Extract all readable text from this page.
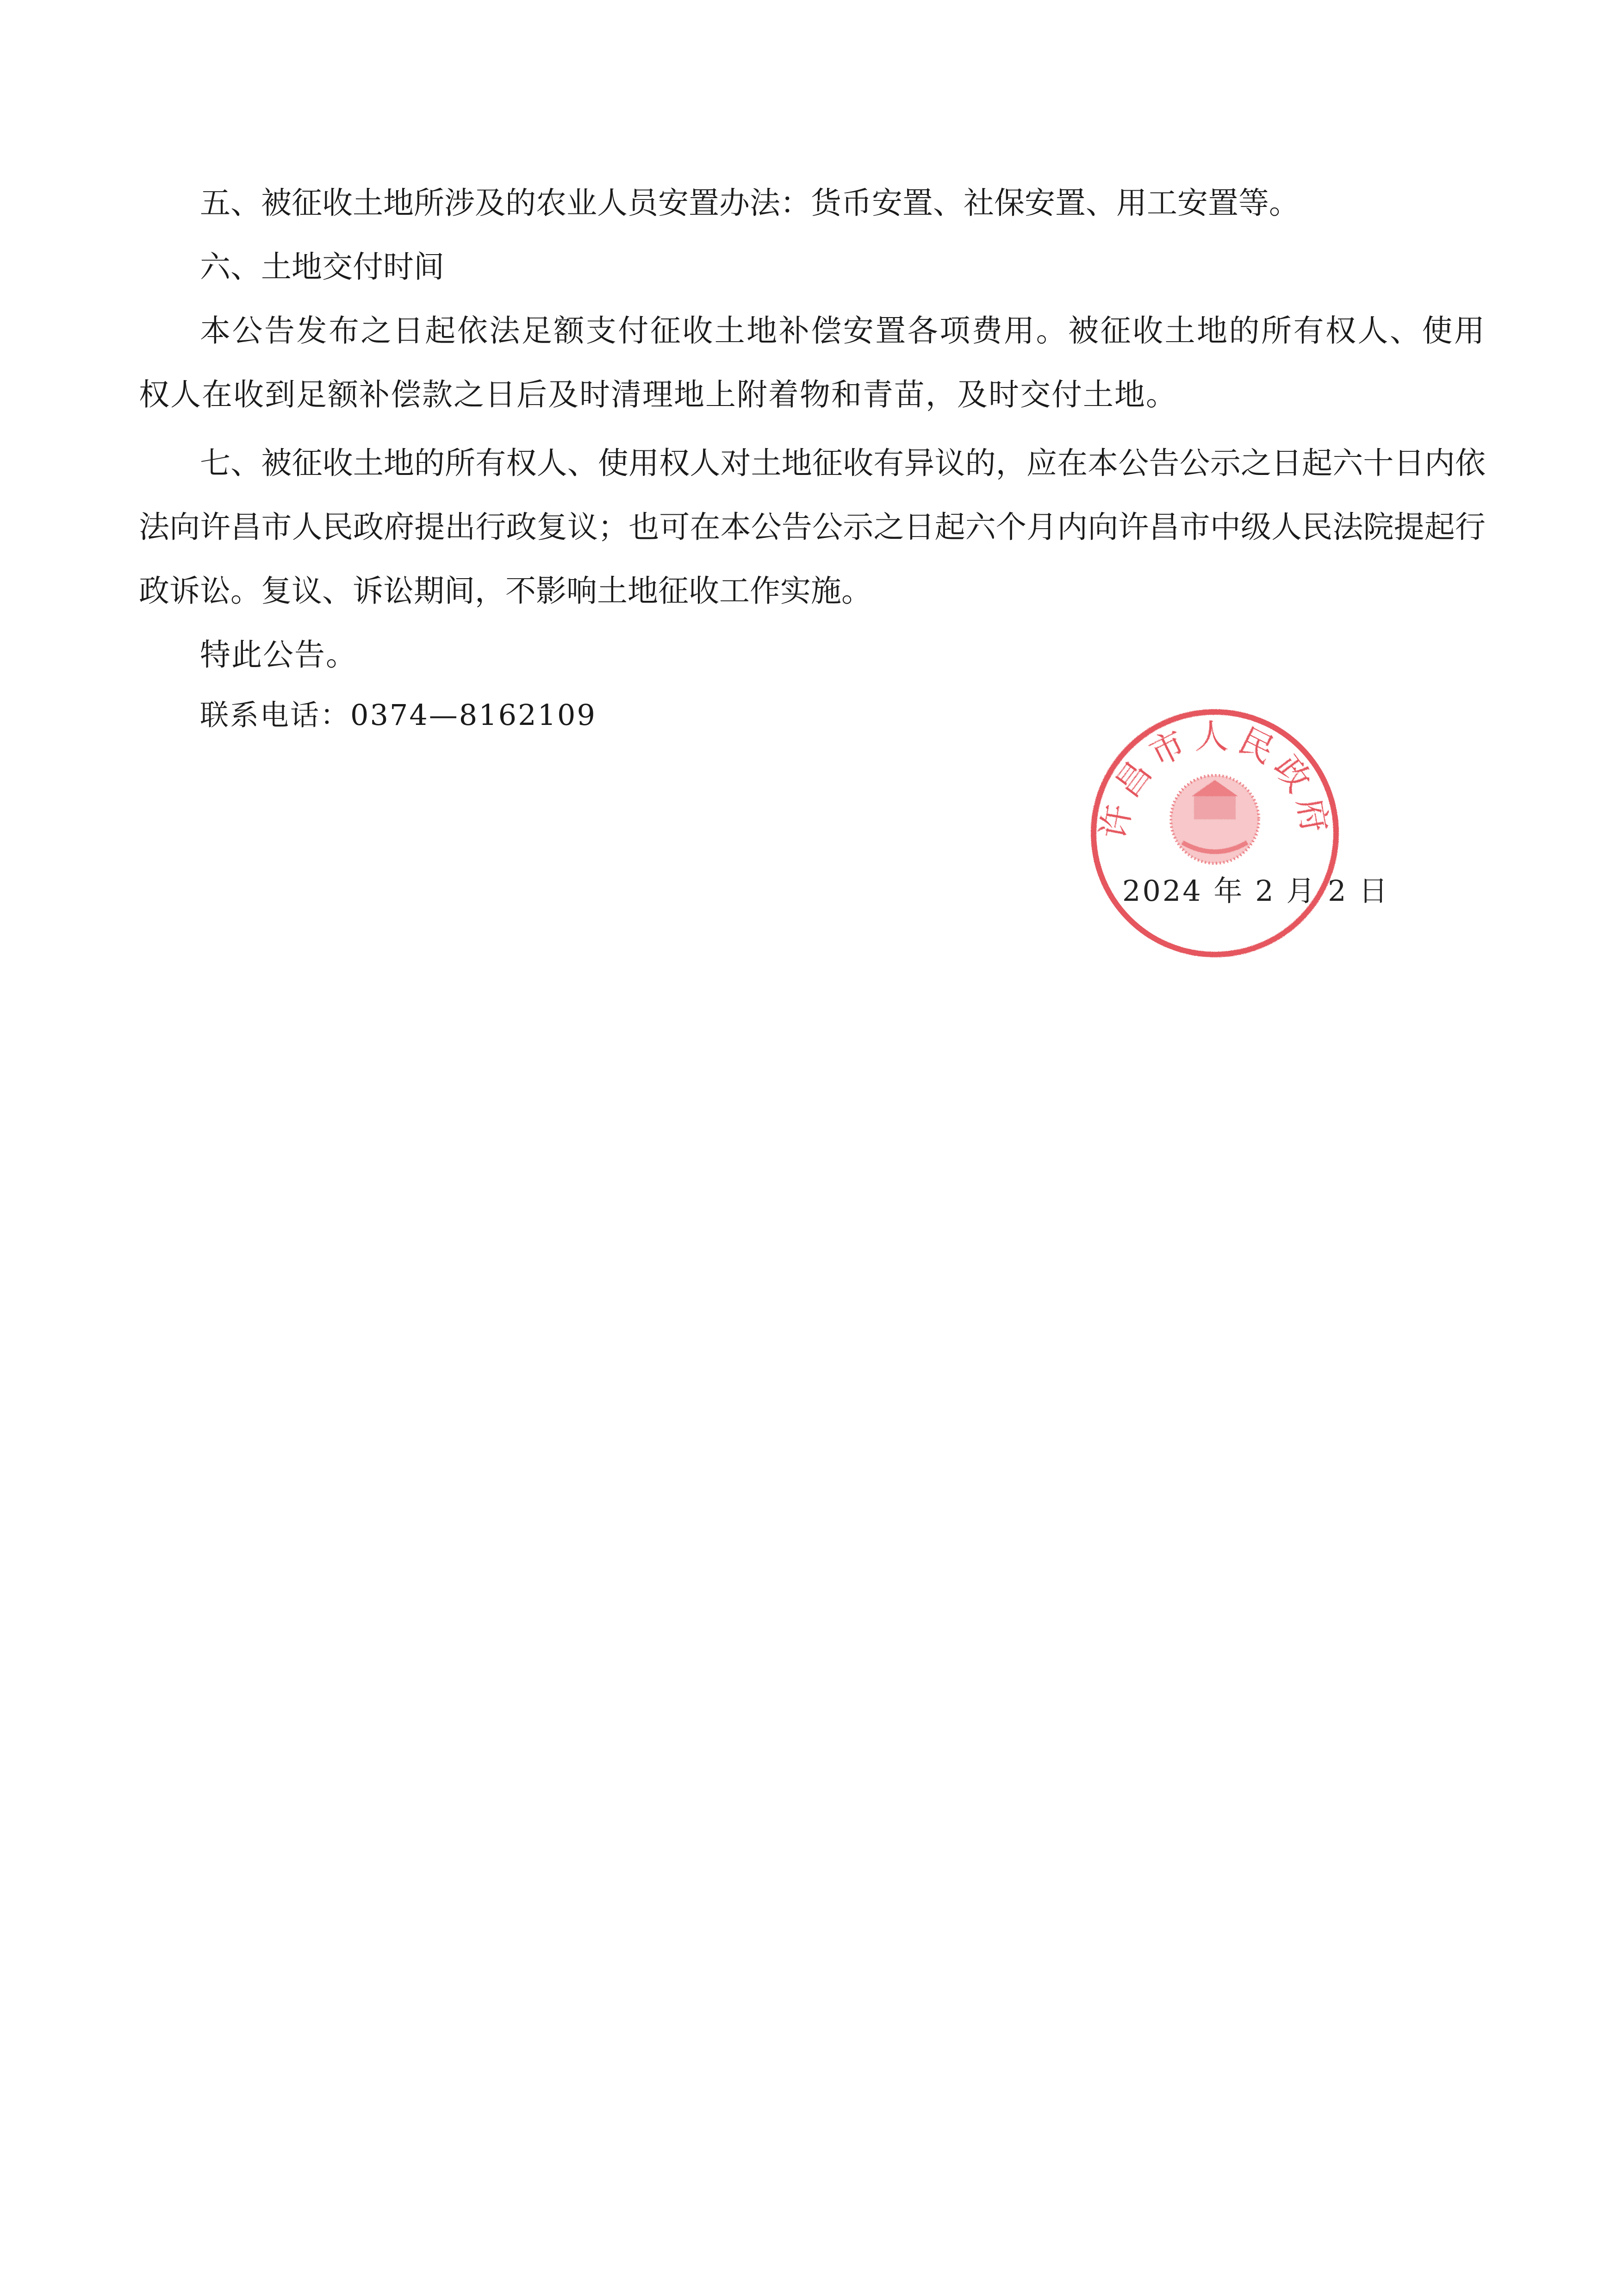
五、被征收土地所涉及的农业人员安置办法：货币安置、社保安置、用工安置等。

六、土地交付时间

本公告发布之日起依法足额支付征收土地补偿安置各项费用。被征收土地的所有权人、使用权人在收到足额补偿款之日后及时清理地上附着物和青苗，及时交付土地。

七、被征收土地的所有权人、使用权人对土地征收有异议的，应在本公告公示之日起六十日内依法向许昌市人民政府提出行政复议；也可在本公告公示之日起六个月内向许昌市中级人民法院提起行政诉讼。复议、诉讼期间，不影响土地征收工作实施。

特此公告。

联系电话：0374—8162109
许昌市人民政府
2024 年 2 月 2 日
